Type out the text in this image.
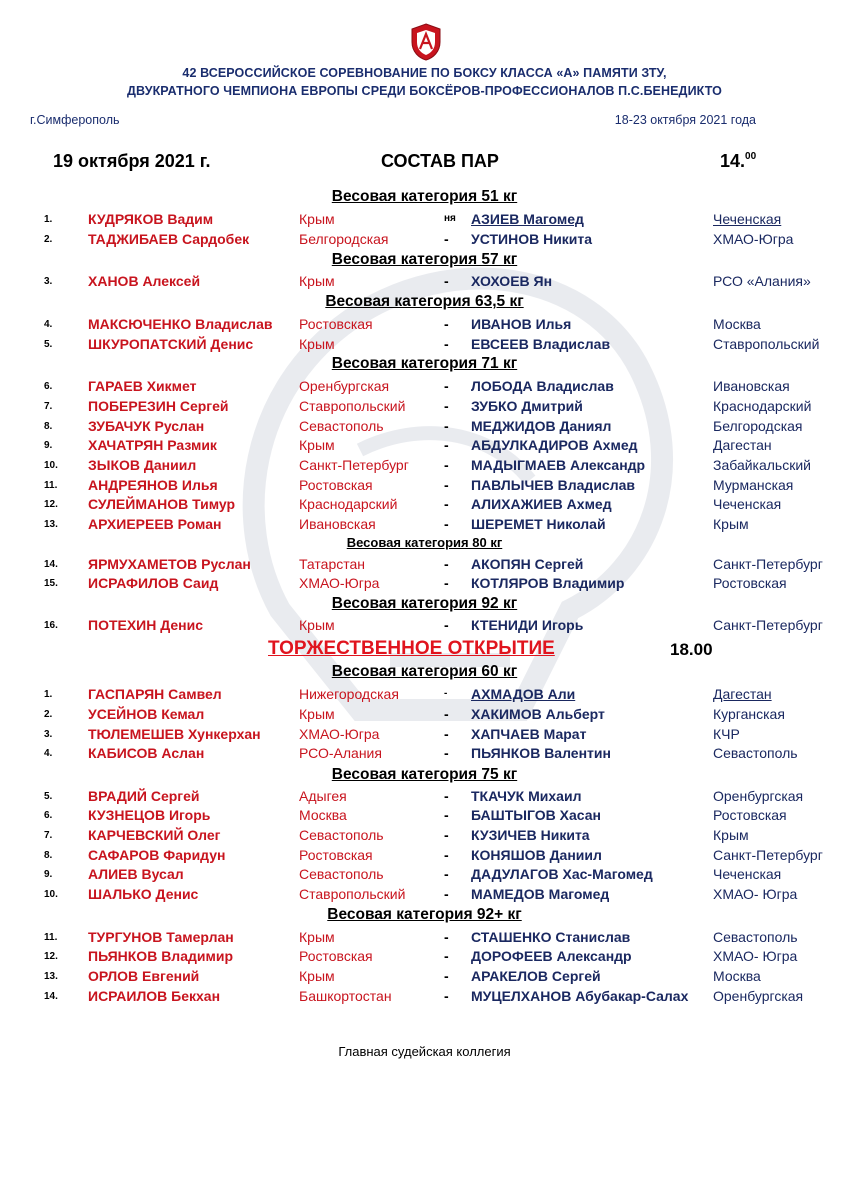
42 ВСЕРОССИЙСКОЕ СОРЕВНОВАНИЕ ПО БОКСУ КЛАССА «А» ПАМЯТИ ЗТУ,
ДВУКРАТНОГО ЧЕМПИОНА ЕВРОПЫ СРЕДИ БОКСЁРОВ-ПРОФЕССИОНАЛОВ П.С.БЕНЕДИКТО
г.Симферополь	18-23 октября 2021 года
19 октября 2021 г.	СОСТАВ ПАР	14.00
Весовая категория 51 кг
1.	КУДРЯКОВ Вадим	Крым	ня АЗИЕВ Магомед	Чеченская
2.	ТАДЖИБАЕВ Сардобек	Белгородская	- УСТИНОВ Никита	ХМАО-Югра
Весовая категория 57 кг
3.	ХАНОВ Алексей	Крым	- ХОХОЕВ Ян	РСО «Алания»
Весовая категория 63,5 кг
4.	МАКСЮЧЕНКО Владислав Ростовская	- ИВАНОВ Илья	Москва
5.	ШКУРОПАТСКИЙ Денис	Крым	- ЕВСЕЕВ Владислав	Ставропольский
Весовая категория 71 кг
6.	ГАРАЕВ Хикмет	Оренбургская	- ЛОБОДА Владислав	Ивановская
7.	ПОБЕРЕЗИН Сергей	Ставропольский	- ЗУБКО Дмитрий	Краснодарский
8.	ЗУБАЧУК Руслан	Севастополь	- МЕДЖИДОВ Даниял	Белгородская
9.	ХАЧАТРЯН Размик	Крым	- АБДУЛКАДИРОВ Ахмед	Дагестан
10. ЗЫКОВ Даниил	Санкт-Петербург	- МАДЫГМАЕВ Александр	Забайкальский
11. АНДРЕЯНОВ Илья	Ростовская	- ПАВЛЫЧЕВ Владислав	Мурманская
12. СУЛЕЙМАНОВ Тимур	Краснодарский	- АЛИХАЖИЕВ Ахмед	Чеченская
13. АРХИЕРЕЕВ Роман	Ивановская	- ШЕРЕМЕТ Николай	Крым
Весовая категория 80 кг
14. ЯРМУХАМЕТОВ Руслан	Татарстан	- АКОПЯН Сергей	Санкт-Петербург
15. ИСРАФИЛОВ Саид	ХМАО-Югра	- КОТЛЯРОВ Владимир	Ростовская
Весовая категория 92 кг
16. ПОТЕХИН Денис	Крым	- КТЕНИДИ Игорь	Санкт-Петербург
ТОРЖЕСТВЕННОЕ ОТКРЫТИЕ	18.00
Весовая категория 60 кг
1.	ГАСПАРЯН Самвел	Нижегородская	- АХМАДОВ Али	Дагестан
2.	УСЕЙНОВ Кемал	Крым	- ХАКИМОВ Альберт	Курганская
3.	ТЮЛЕМЕШЕВ Хункерхан	ХМАО-Югра	- ХАПЧАЕВ Марат	КЧР
4.	КАБИСОВ Аслан	РСО-Алания	- ПЬЯНКОВ Валентин	Севастополь
Весовая категория 75 кг
5.	ВРАДИЙ Сергей	Адыгея	- ТКАЧУК Михаил	Оренбургская
6.	КУЗНЕЦОВ Игорь	Москва	- БАШТЫГОВ Хасан	Ростовская
7.	КАРЧЕВСКИЙ Олег	Севастополь	- КУЗИЧЕВ Никита	Крым
8.	САФАРОВ Фаридун	Ростовская	- КОНЯШОВ Даниил	Санкт-Петербург
9.	АЛИЕВ Вусал	Севастополь	- ДАДУЛАГОВ Хас-Магомед	Чеченская
10. ШАЛЬКО Денис	Ставропольский	- МАМЕДОВ Магомед	ХМАО- Югра
Весовая категория 92+ кг
11. ТУРГУНОВ Тамерлан	Крым	- СТАШЕНКО Станислав	Севастополь
12. ПЬЯНКОВ Владимир	Ростовская	- ДОРОФЕЕВ Александр	ХМАО- Югра
13. ОРЛОВ Евгений	Крым	- АРАКЕЛОВ Сергей	Москва
14. ИСРАИЛОВ Бекхан	Башкортостан	- МУЦЕЛХАНОВ Абубакар-Салах Оренбургская
Главная судейская коллегия
